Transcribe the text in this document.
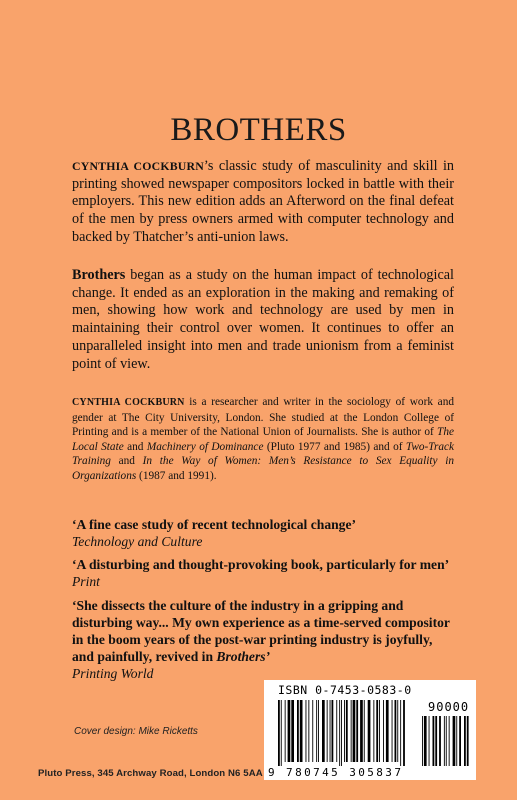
BROTHERS

CYNTHIA COCKBURN’s classic study of masculinity and skill in printing showed newspaper compositors locked in battle with their employers. This new edition adds an Afterword on the final defeat of the men by press owners armed with computer technology and backed by Thatcher’s anti-union laws.

Brothers began as a study on the human impact of technological change. It ended as an exploration in the making and remaking of men, showing how work and technology are used by men in maintaining their control over women. It continues to offer an unparalleled insight into men and trade unionism from a feminist point of view.

CYNTHIA COCKBURN is a researcher and writer in the sociology of work and gender at The City University, London. She studied at the London College of Printing and is a member of the National Union of Journalists. She is author of The Local State and Machinery of Dominance (Pluto 1977 and 1985) and of Two-Track Training and In the Way of Women: Men’s Resistance to Sex Equality in Organizations (1987 and 1991).

‘A fine case study of recent technological change’
Technology and Culture

‘A disturbing and thought-provoking book, particularly for men’ Print

‘She dissects the culture of the industry in a gripping and disturbing way... My own experience as a time-served compositor in the boom years of the post-war printing industry is joyfully, and painfully, revived in Brothers’
Printing World

Cover design: Mike Ricketts
Pluto Press, 345 Archway Road, London N6 5AA
ISBN 0-7453-0583-0
90000
9 780745 305837
